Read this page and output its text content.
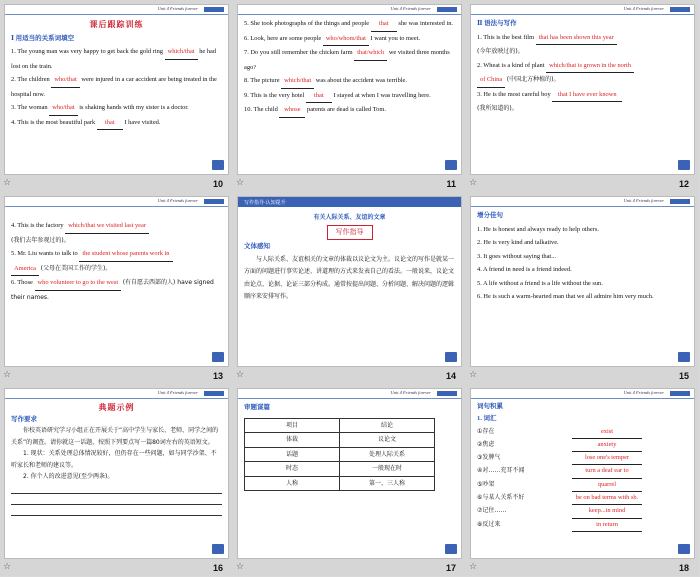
Unit 4 Friends forever
课后跟踪训练
Ⅰ 用适当的关系词填空
1. The young man was very happy to get back the gold ring which/that he had lost on the train.
2. The children who/that were injured in a car accident are being treated in the hospital now.
3. The woman who/that is shaking hands with my sister is a doctor.
4. This is the most beautiful park that I have visited.
☆	10
Unit 4 Friends forever
5. She took photographs of the things and people that she was interested in.
6. Look, here are some people who/whom/that I want you to meet.
7. Do you still remember the chicken farm that/which we visited three months ago?
8. The picture which/that was about the accident was terrible.
9. This is the very hotel that I stayed at when I was travelling here.
10. The child whose parents are dead is called Tom.
☆	11
Unit 4 Friends forever
Ⅱ 语法与写作
1. This is the best film that has been shown this year
(今年放映过的)。
2. Wheat is a kind of plant which/that is grown in the north
of China (中国北方种植的)。
3. He is the most careful boy that I have ever known
(我所知道的)。
☆	12
Unit 4 Friends forever
4. This is the factory which/that we visited last year
(我们去年参观过的)。
5. Mr. Liu wants to talk to the student whose parents work in
America (父母在美国工作的学生)。
6. Those who volunteer to go to the west (有自愿去西部的人) have signed their names.
☆	13
写作指导·认知提升
有关人际关系、友谊的文章
写作指导
文体感知
与人际关系、友谊相关的文章的体裁以议论文为主。议论文的写作是就某一方面的问题进行事实论述、讲道理的方式来发表自己的看法。一般说来，议论文由论点、论据、论证三部分构成。通常按提出问题、分析问题、解决问题的逻辑顺序来安排写作。
☆	14
Unit 4 Friends forever
增分佳句
1. He is honest and always ready to help others.
2. He is very kind and talkative.
3. It goes without saying that...
4. A friend in need is a friend indeed.
5. A life without a friend is a life without the sun.
6. He is such a warm-hearted man that we all admire him very much.
☆	15
Unit 4 Friends forever
典题示例
写作要求
你校英语研究学习小组正在开展关于“高中学生与家长、老师、同学之间的关系”的调查。请你就这一话题，按照下列要点写一篇80词左右的英语短文。
1. 现状：关系处理总体情况较好，但仍存在一些问题，如与同学沙架、不听家长和老师的建议等。
2. 你个人的改进意见(至少两条)。
☆	16
Unit 4 Friends forever
审题谋篇
项目	结论
体裁	议论文
话题	处理人际关系
时态	一般现在时
人称	第一、三人称
☆	17
Unit 4 Friends forever
词句积累
1. 词汇
①存在	exist
②焦虑	anxiety
③发脾气	lose one's temper
④对……充耳不闻	turn a deaf ear to
⑤吵架	quarrel
⑥与某人关系不好	be on bad terms with sb.
⑦记住……	keep...in mind
⑧反过来	in return
☆	18
